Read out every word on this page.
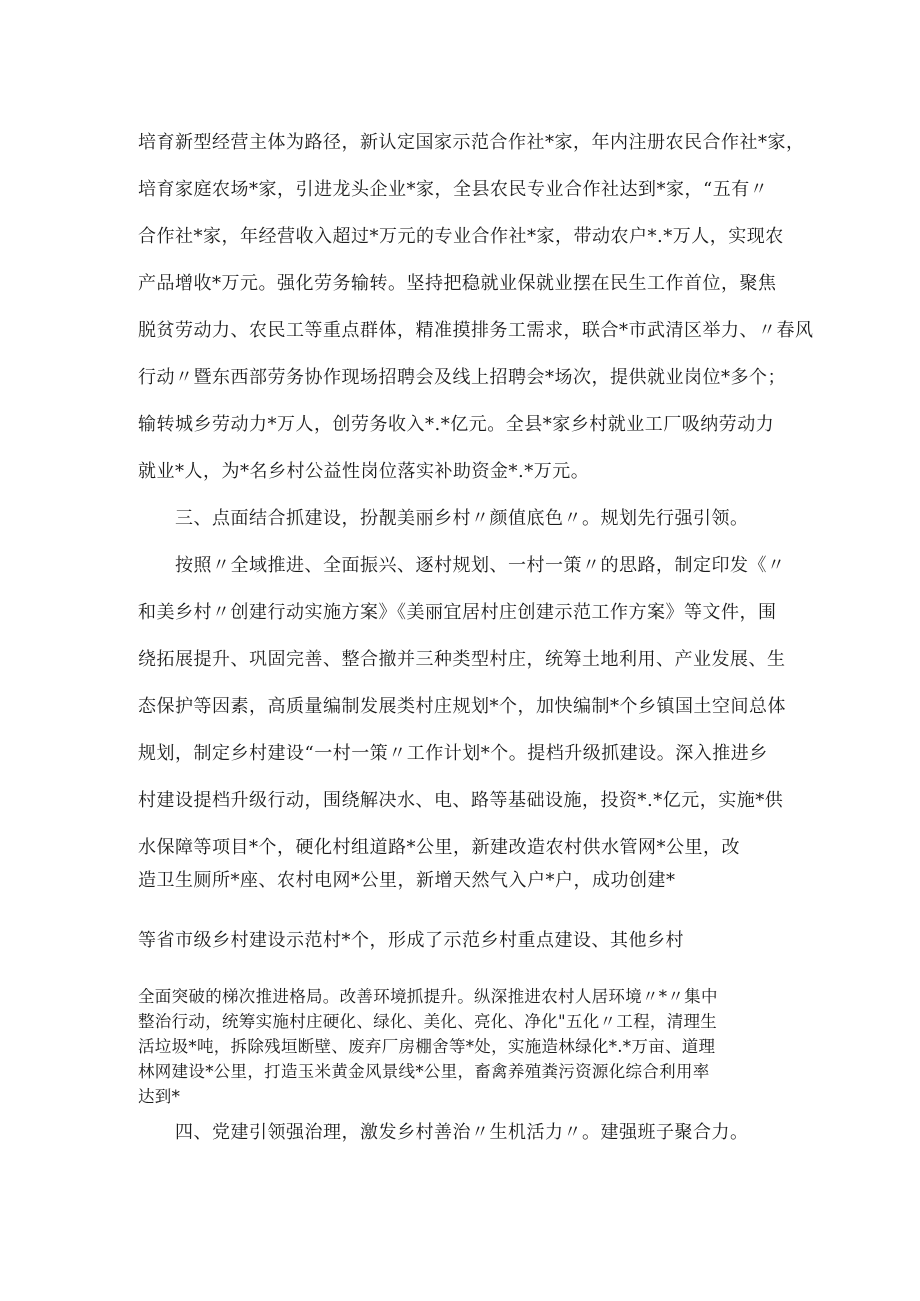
培育新型经营主体为路径，新认定国家示范合作社*家，年内注册农民合作社*家，
培育家庭农场*家，引进龙头企业*家，全县农民专业合作社达到*家，“五有〃
合作社*家，年经营收入超过*万元的专业合作社*家，带动农户*.*万人，实现农
产品增收*万元。强化劳务输转。坚持把稳就业保就业摆在民生工作首位，聚焦
脱贫劳动力、农民工等重点群体，精准摸排务工需求，联合*市武清区举力、〃春风
行动〃暨东西部劳务协作现场招聘会及线上招聘会*场次，提供就业岗位*多个；
输转城乡劳动力*万人，创劳务收入*.*亿元。全县*家乡村就业工厂吸纳劳动力
就业*人，为*名乡村公益性岗位落实补助资金*.*万元。
三、点面结合抓建设，扮靓美丽乡村〃颜值底色〃。规划先行强引领。
按照〃全域推进、全面振兴、逐村规划、一村一策〃的思路，制定印发《〃
和美乡村〃创建行动实施方案》《美丽宜居村庄创建示范工作方案》等文件，围
绕拓展提升、巩固完善、整合撤并三种类型村庄，统筹土地利用、产业发展、生
态保护等因素，高质量编制发展类村庄规划*个，加快编制*个乡镇国土空间总体
规划，制定乡村建设“一村一策〃工作计划*个。提档升级抓建设。深入推进乡
村建设提档升级行动，围绕解决水、电、路等基础设施，投资*.*亿元，实施*供
水保障等项目*个，硬化村组道路*公里，新建改造农村供水管网*公里，改
造卫生厕所*座、农村电网*公里，新增天然气入户*户，成功创建*
等省市级乡村建设示范村*个，形成了示范乡村重点建设、其他乡村
全面突破的梯次推进格局。改善环境抓提升。纵深推进农村人居环境〃*〃集中
整治行动，统筹实施村庄硬化、绿化、美化、亮化、净化"五化〃工程，清理生
活垃圾*吨，拆除残垣断壁、废弃厂房棚舍等*处，实施造林绿化*.*万亩、道理
林网建设*公里，打造玉米黄金风景线*公里，畜禽养殖粪污资源化综合利用率
达到*
四、党建引领强治理，激发乡村善治〃生机活力〃。建强班子聚合力。
